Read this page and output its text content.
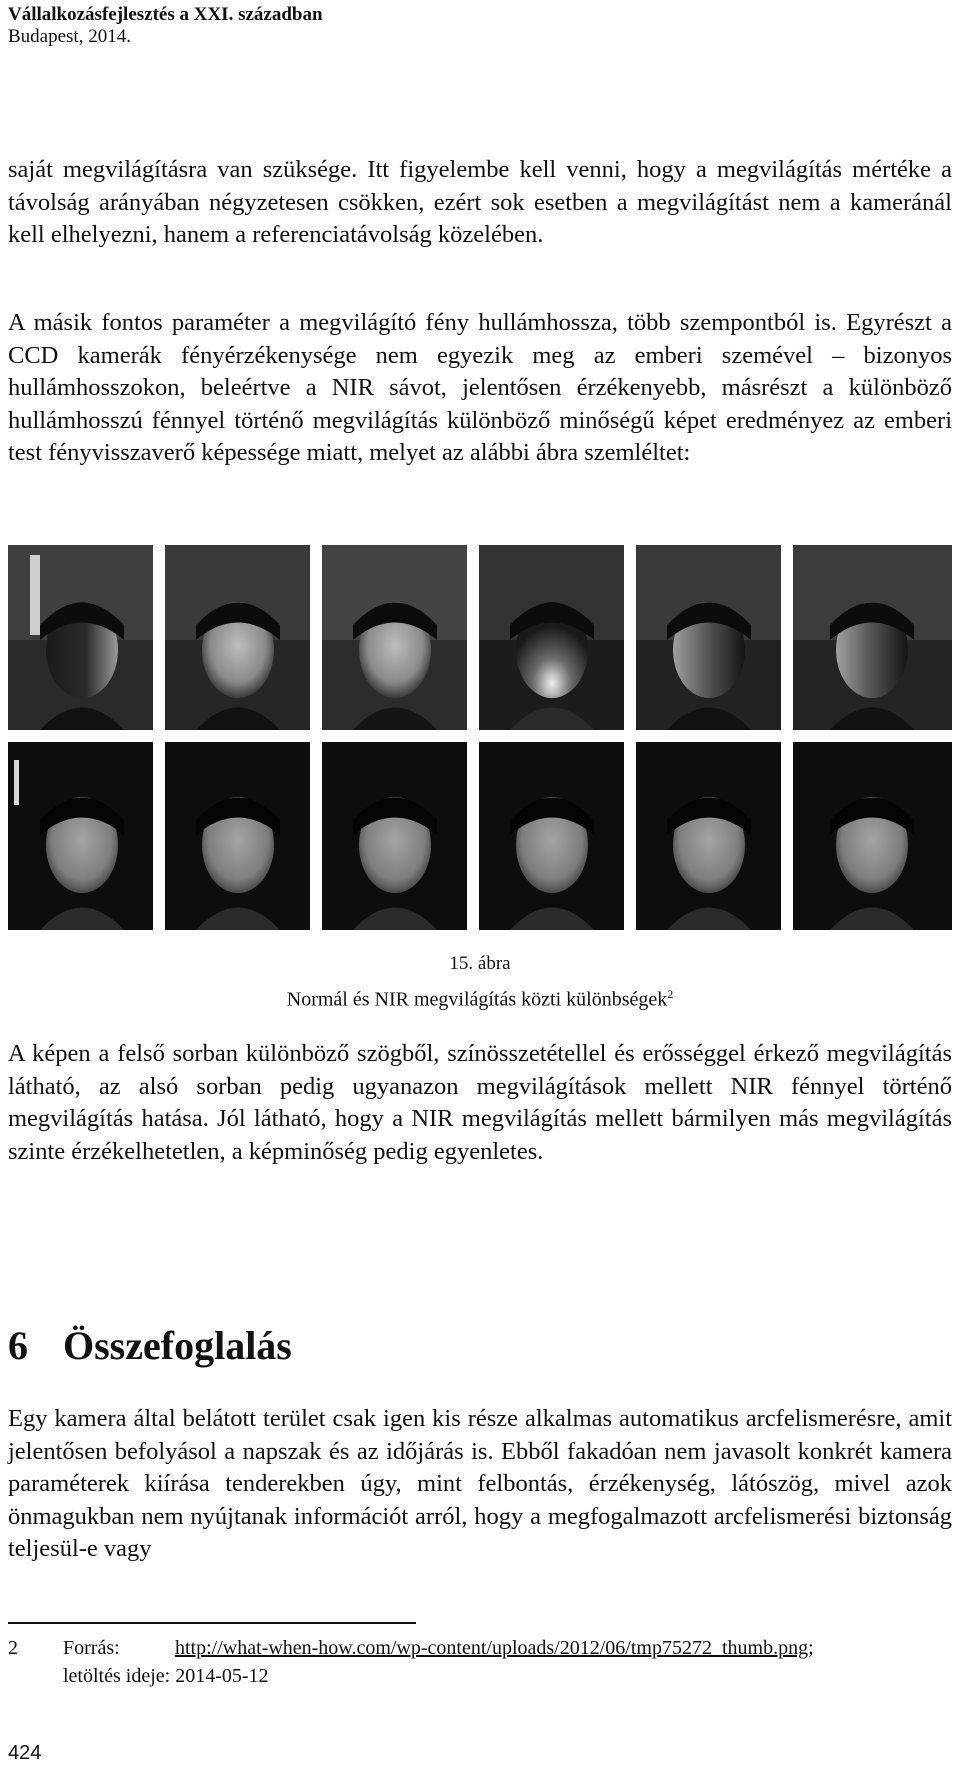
Vállalkozásfejlesztés a XXI. században
Budapest, 2014.

saját megvilágításra van szüksége. Itt figyelembe kell venni, hogy a megvilágítás mértéke a távolság arányában négyzetesen csökken, ezért sok esetben a megvilágítást nem a kameránál kell elhelyezni, hanem a referenciatávolság közelében.

A másik fontos paraméter a megvilágító fény hullámhossza, több szempontból is. Egyrészt a CCD kamerák fényérzékenysége nem egyezik meg az emberi szemével – bizonyos hullámhosszokon, beleértve a NIR sávot, jelentősen érzékenyebb, másrészt a különböző hullámhosszú fénnyel történő megvilágítás különböző minőségű képet eredményez az emberi test fényvisszaverő képessége miatt, melyet az alábbi ábra szemléltet:

15. ábra
Normál és NIR megvilágítás közti különbségek$^2$

A képen a felső sorban különböző szögből, színösszetétellel és erősséggel érkező megvilágítás látható, az alsó sorban pedig ugyanazon megvilágítások mellett NIR fénnyel történő megvilágítás hatása. Jól látható, hogy a NIR megvilágítás mellett bármilyen más megvilágítás szinte érzékelhetetlen, a képminőség pedig egyenletes.

6 Összefoglalás

Egy kamera által belátott terület csak igen kis része alkalmas automatikus arcfelismerésre, amit jelentősen befolyásol a napszak és az időjárás is. Ebből fakadóan nem javasolt konkrét kamera paraméterek kiírása tenderekben úgy, mint felbontás, érzékenység, látószög, mivel azok önmagukban nem nyújtanak információt arról, hogy a megfogalmazott arcfelismerési biztonság teljesül-e vagy

2 Forrás:	http://what-when-how.com/wp-content/uploads/2012/06/tmp75272_thumb.png;
letöltés ideje: 2014-05-12
424
